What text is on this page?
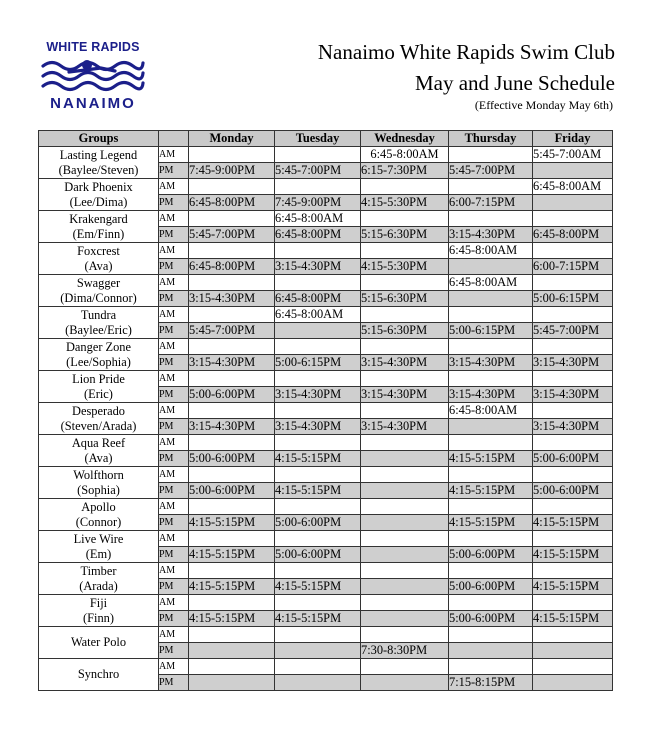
WHITE RAPIDS
NANAIMO
Nanaimo White Rapids Swim Club
May and June Schedule
(Effective Monday May 6th)
Groups		Monday	Tuesday	Wednesday	Thursday	Friday

Lasting Legend
(Baylee/Steven)	AM			6:45-8:00AM		5:45-7:00AM
	PM	7:45-9:00PM	5:45-7:00PM	6:15-7:30PM	5:45-7:00PM	

Dark Phoenix
(Lee/Dima)	AM					6:45-8:00AM
	PM	6:45-8:00PM	7:45-9:00PM	4:15-5:30PM	6:00-7:15PM	

Krakengard
(Em/Finn)	AM		6:45-8:00AM			
	PM	5:45-7:00PM	6:45-8:00PM	5:15-6:30PM	3:15-4:30PM	6:45-8:00PM

Foxcrest
(Ava)	AM				6:45-8:00AM	
	PM	6:45-8:00PM	3:15-4:30PM	4:15-5:30PM		6:00-7:15PM

Swagger
(Dima/Connor)	AM				6:45-8:00AM	
	PM	3:15-4:30PM	6:45-8:00PM	5:15-6:30PM		5:00-6:15PM

Tundra
(Baylee/Eric)	AM		6:45-8:00AM			
	PM	5:45-7:00PM		5:15-6:30PM	5:00-6:15PM	5:45-7:00PM

Danger Zone
(Lee/Sophia)	AM					
	PM	3:15-4:30PM	5:00-6:15PM	3:15-4:30PM	3:15-4:30PM	3:15-4:30PM

Lion Pride
(Eric)	AM					
	PM	5:00-6:00PM	3:15-4:30PM	3:15-4:30PM	3:15-4:30PM	3:15-4:30PM

Desperado
(Steven/Arada)	AM				6:45-8:00AM	
	PM	3:15-4:30PM	3:15-4:30PM	3:15-4:30PM		3:15-4:30PM

Aqua Reef
(Ava)	AM					
	PM	5:00-6:00PM	4:15-5:15PM		4:15-5:15PM	5:00-6:00PM

Wolfthorn
(Sophia)	AM					
	PM	5:00-6:00PM	4:15-5:15PM		4:15-5:15PM	5:00-6:00PM

Apollo
(Connor)	AM					
	PM	4:15-5:15PM	5:00-6:00PM		4:15-5:15PM	4:15-5:15PM

Live Wire
(Em)	AM					
	PM	4:15-5:15PM	5:00-6:00PM		5:00-6:00PM	4:15-5:15PM

Timber
(Arada)	AM					
	PM	4:15-5:15PM	4:15-5:15PM		5:00-6:00PM	4:15-5:15PM

Fiji
(Finn)	AM					
	PM	4:15-5:15PM	4:15-5:15PM		5:00-6:00PM	4:15-5:15PM

Water Polo	AM					
	PM			7:30-8:30PM		

Synchro	AM					
	PM				7:15-8:15PM	
